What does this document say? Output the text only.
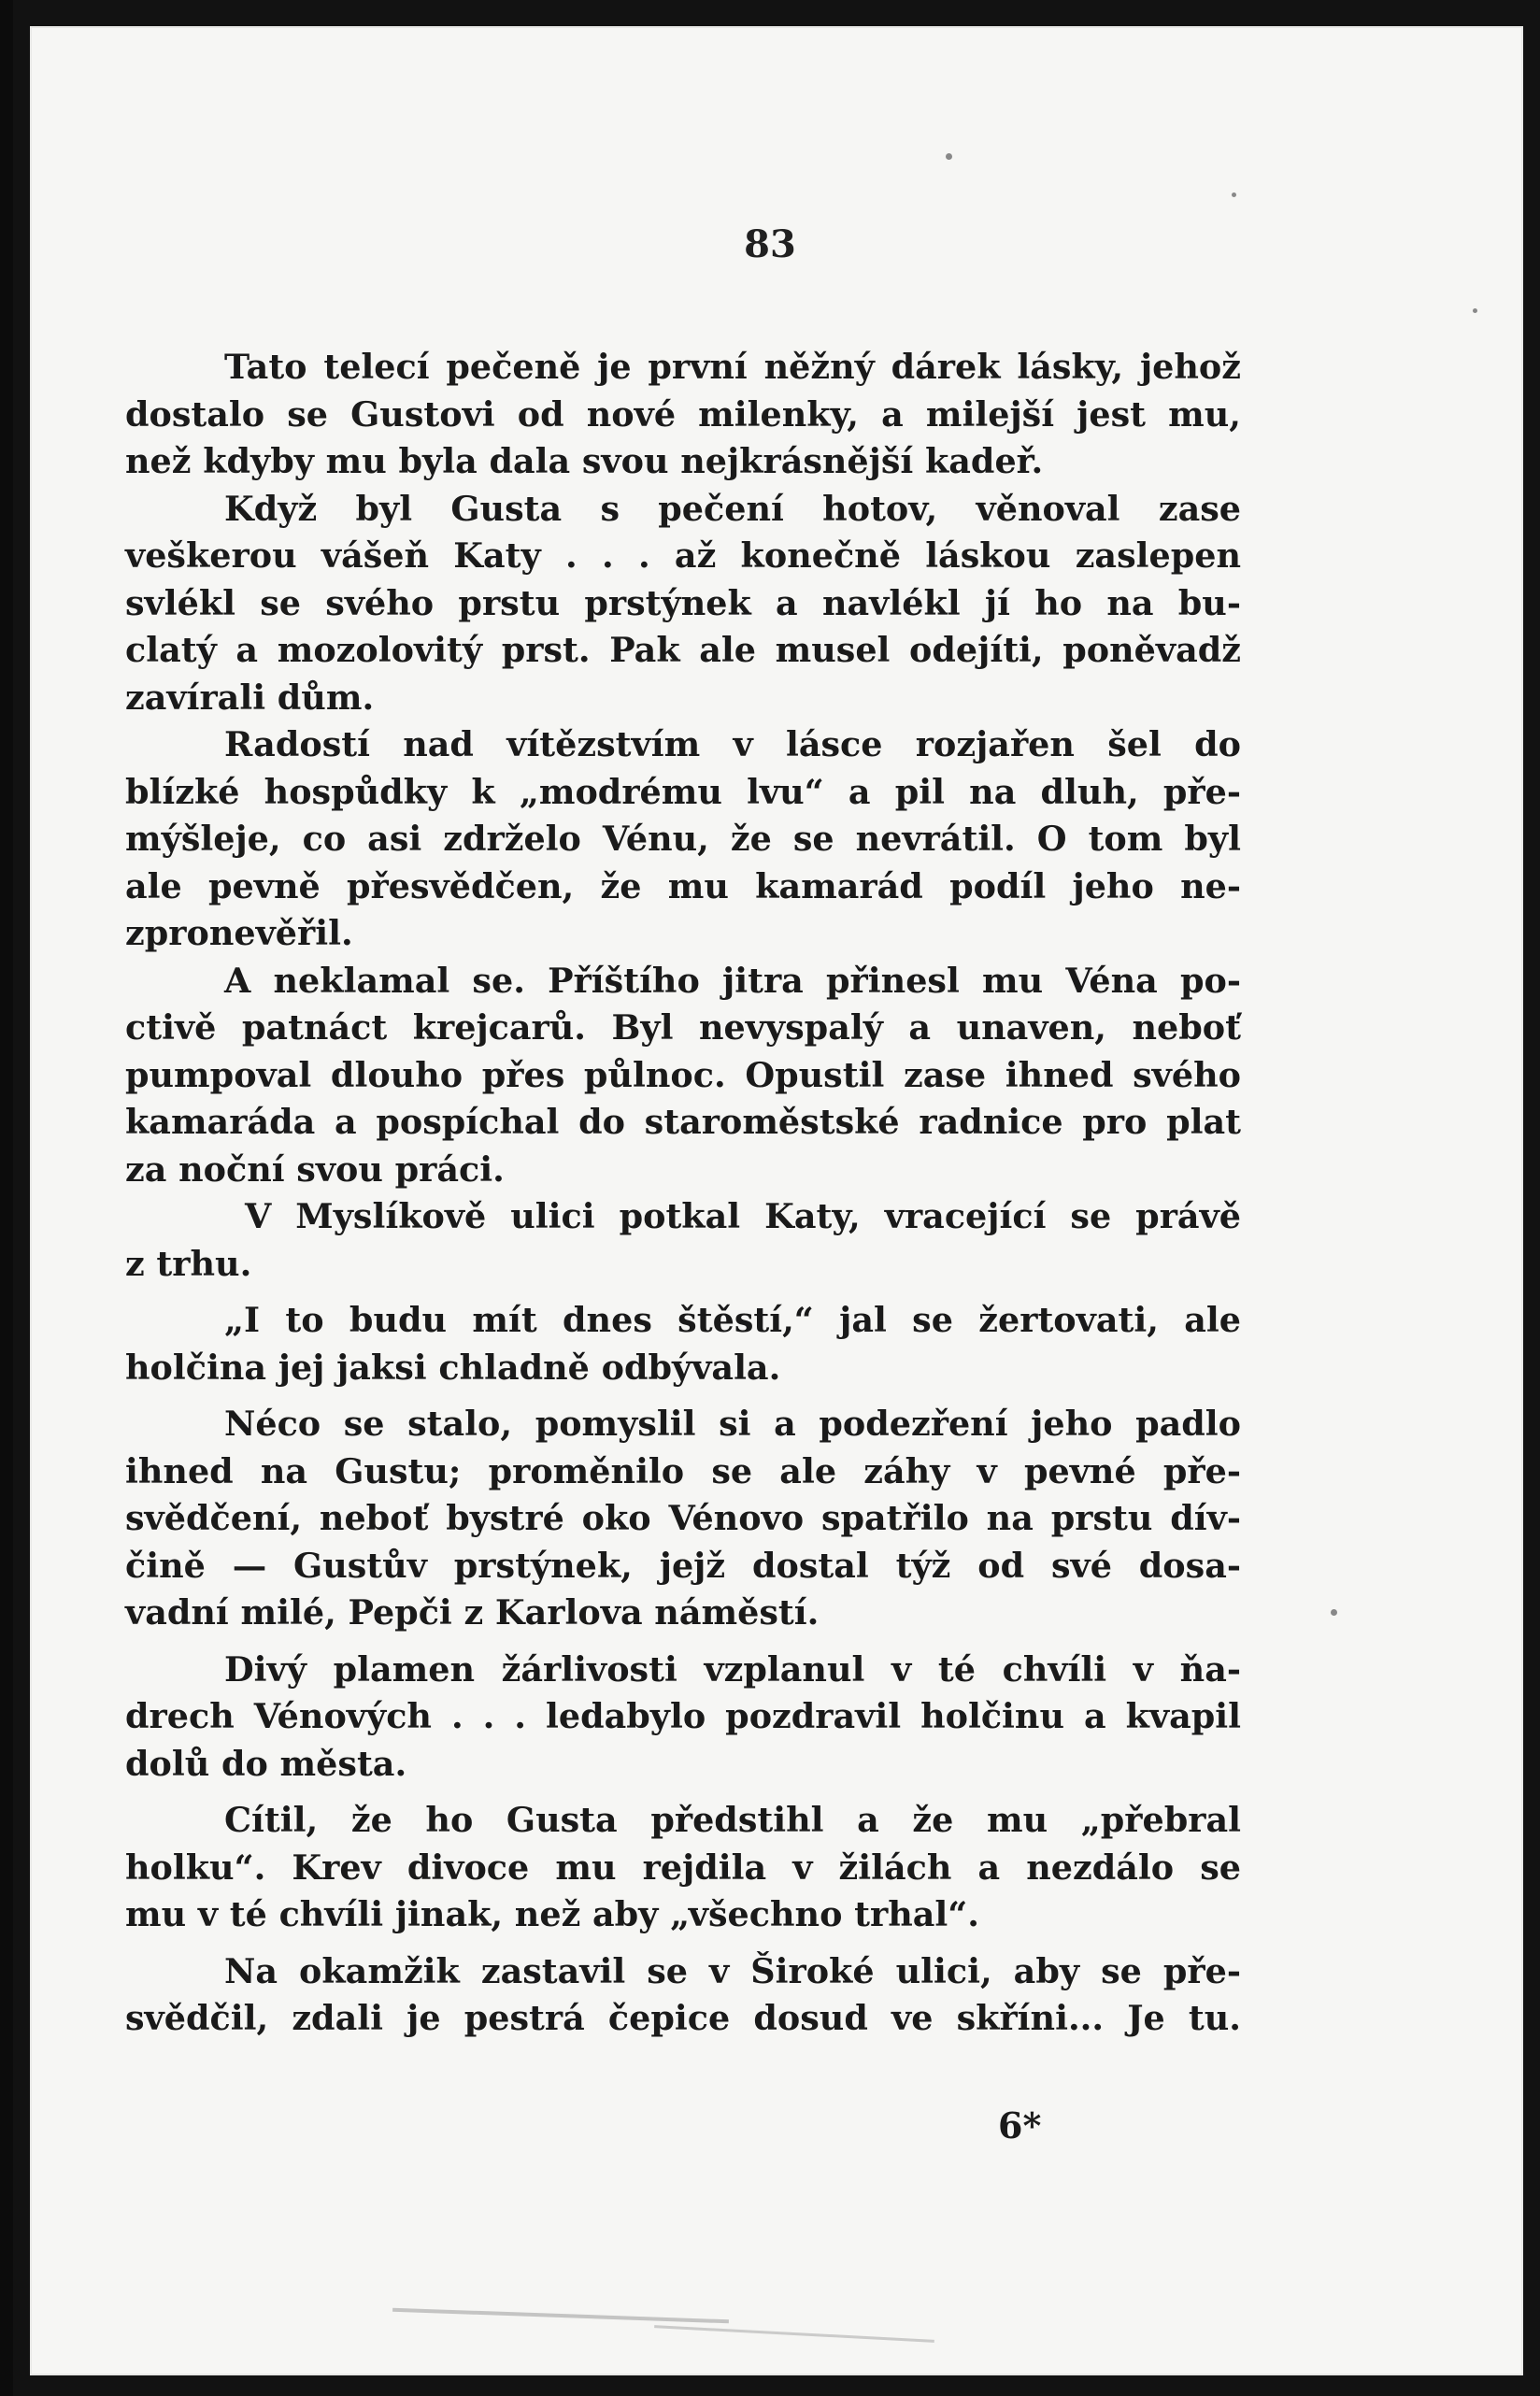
83
Tato telecí pečeně je první něžný dárek lásky, jehož
dostalo se Gustovi od nové milenky, a milejší jest mu,
než kdyby mu byla dala svou nejkrásnější kadeř.
Když byl Gusta s pečení hotov, věnoval zase
veškerou vášeň Katy . . . až konečně láskou zaslepen
svlékl se svého prstu prstýnek a navlékl jí ho na bu-
clatý a mozolovitý prst. Pak ale musel odejíti, poněvadž
zavírali dům.
Radostí nad vítězstvím v lásce rozjařen šel do
blízké hospůdky k „modrému lvu“ a pil na dluh, pře-
mýšleje, co asi zdrželo Vénu, že se nevrátil. O tom byl
ale pevně přesvědčen, že mu kamarád podíl jeho ne-
zpronevěřil.
A neklamal se. Příštího jitra přinesl mu Véna po-
ctivě patnáct krejcarů. Byl nevyspalý a unaven, neboť
pumpoval dlouho přes půlnoc. Opustil zase ihned svého
kamaráda a pospíchal do staroměstské radnice pro plat
za noční svou práci.
V Myslíkově ulici potkal Katy, vracející se právě
z trhu.
„I to budu mít dnes štěstí,“ jal se žertovati, ale
holčina jej jaksi chladně odbývala.
Néco se stalo, pomyslil si a podezření jeho padlo
ihned na Gustu; proměnilo se ale záhy v pevné pře-
svědčení, neboť bystré oko Vénovo spatřilo na prstu dív-
čině — Gustův prstýnek, jejž dostal týž od své dosa-
vadní milé, Pepči z Karlova náměstí.
Divý plamen žárlivosti vzplanul v té chvíli v ňa-
drech Vénových . . . ledabylo pozdravil holčinu a kvapil
dolů do města.
Cítil, že ho Gusta předstihl a že mu „přebral
holku“. Krev divoce mu rejdila v žilách a nezdálo se
mu v té chvíli jinak, než aby „všechno trhal“.
Na okamžik zastavil se v Široké ulici, aby se pře-
svědčil, zdali je pestrá čepice dosud ve skříni... Je tu.
6*
